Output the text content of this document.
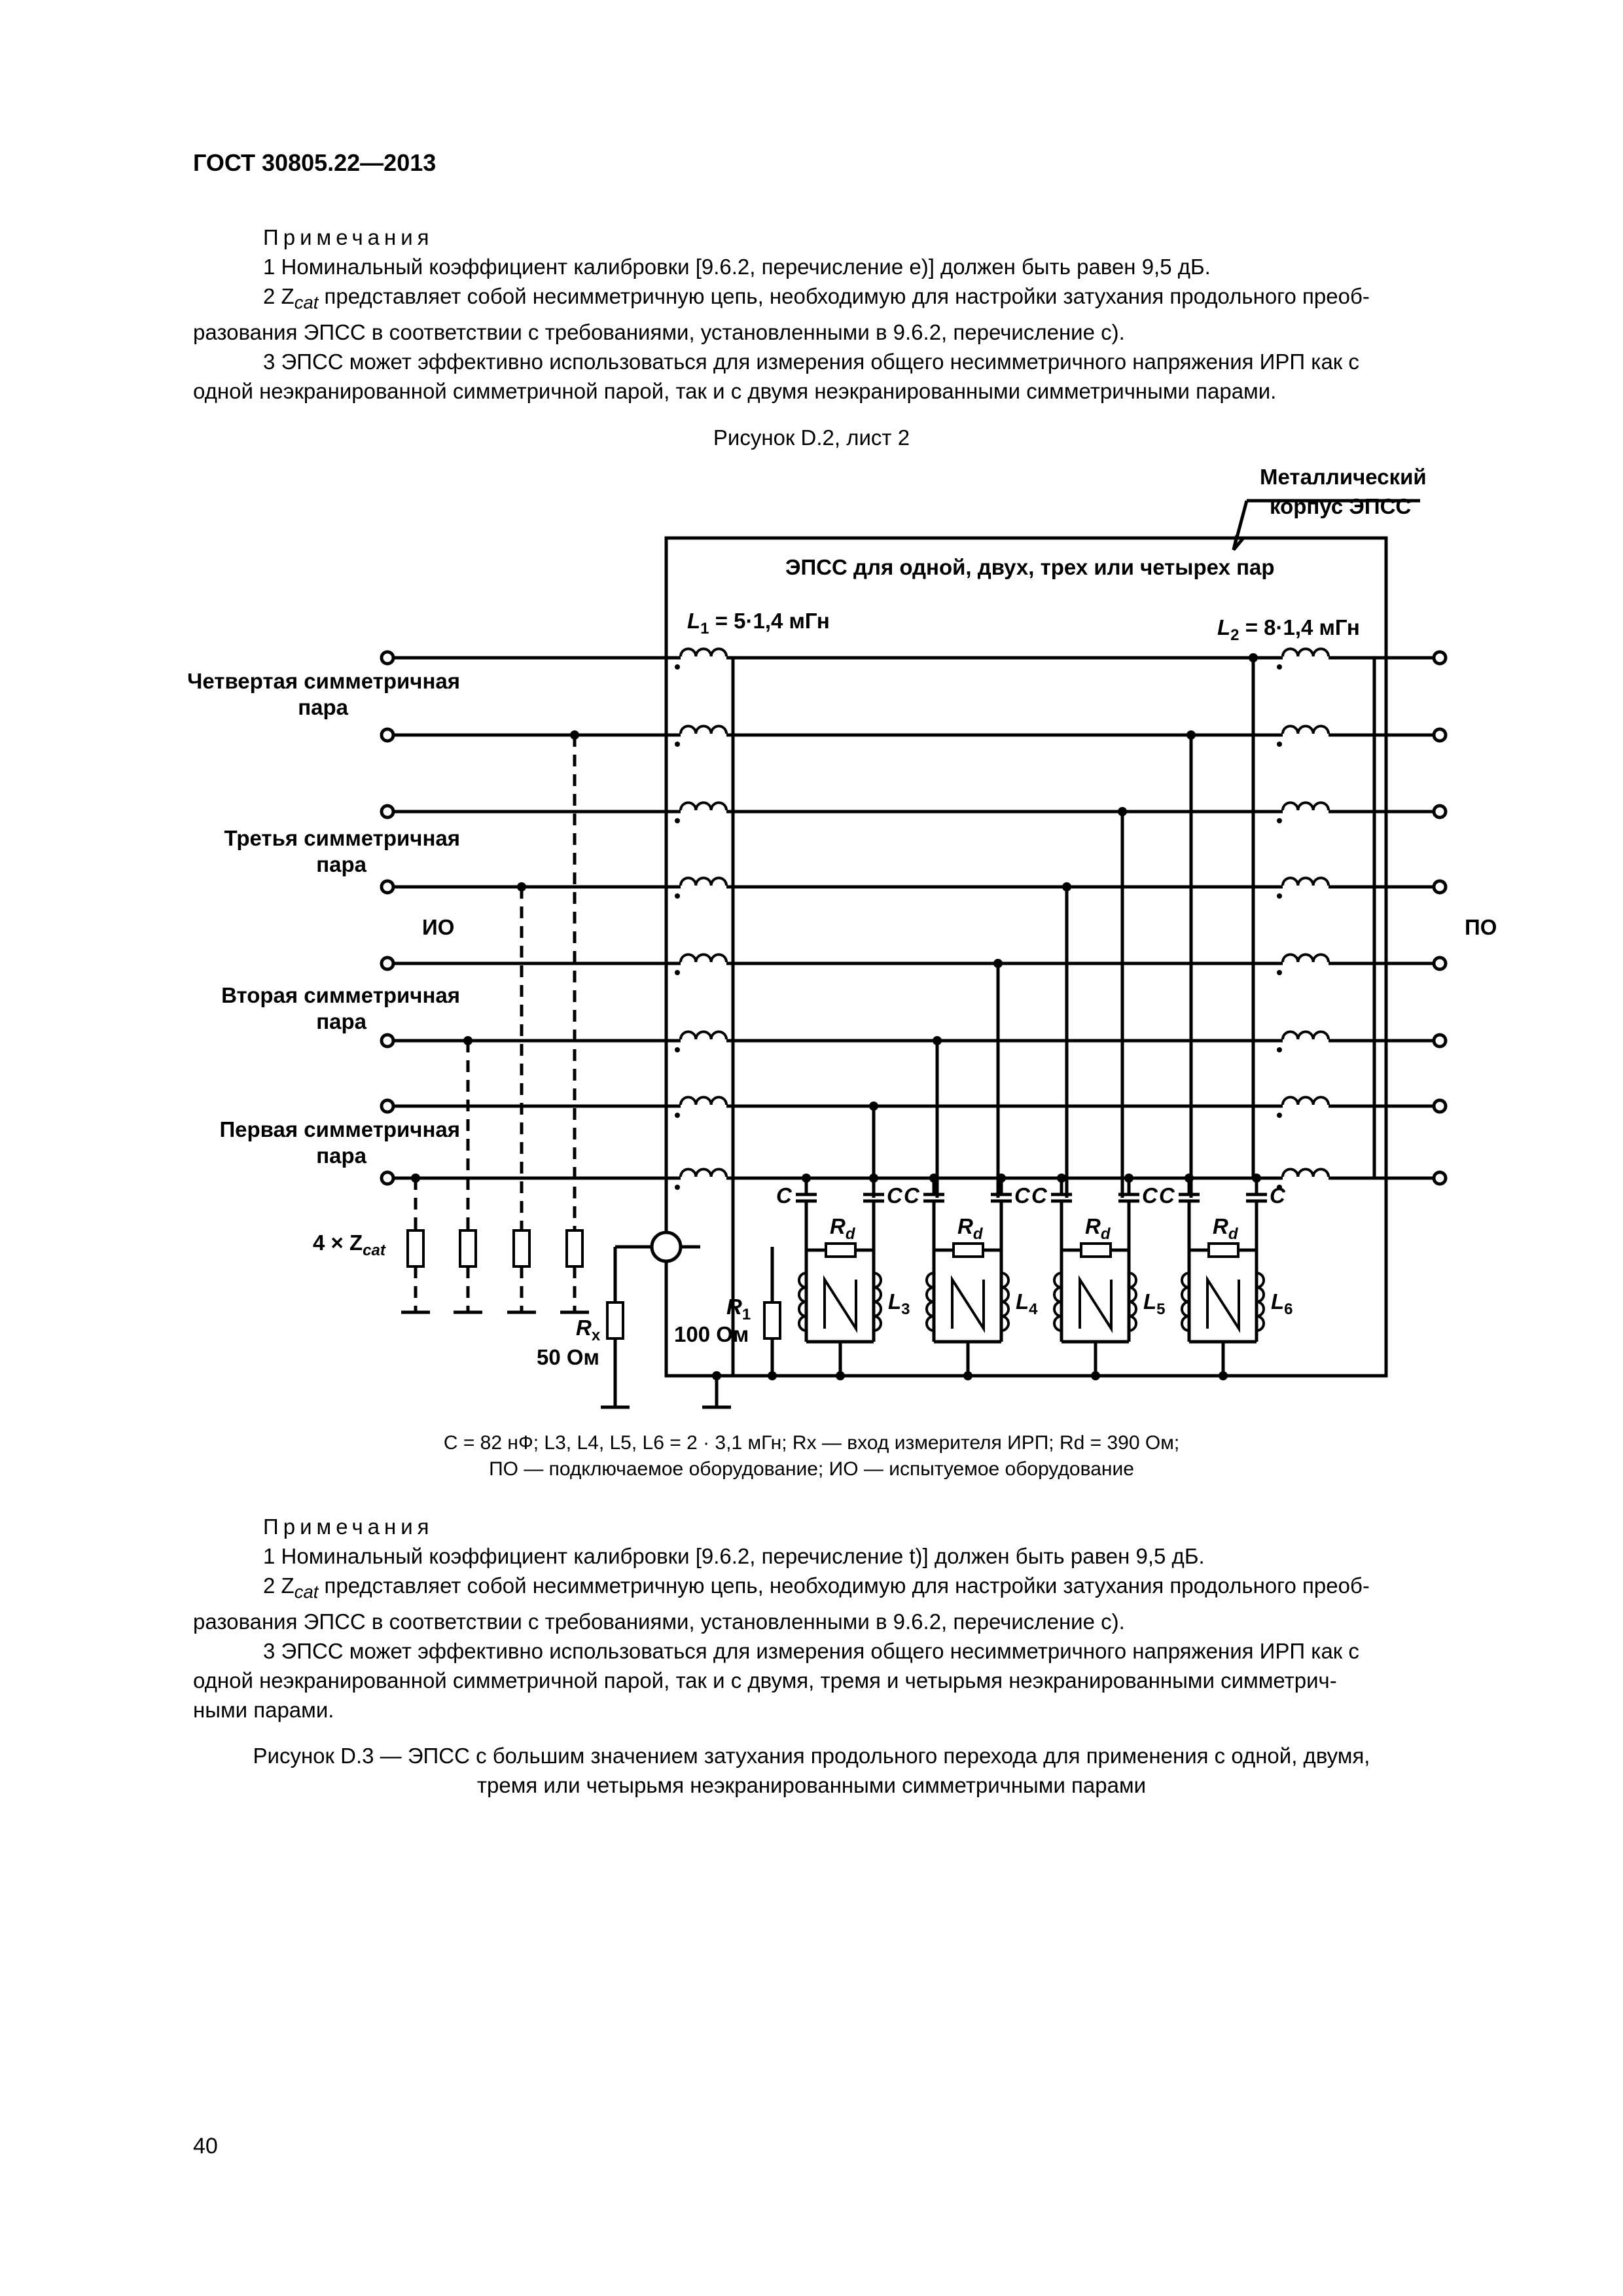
ГОСТ 30805.22—2013
Примечания
1 Номинальный коэффициент калибровки [9.6.2, перечисление e)] должен быть равен 9,5 дБ.
2 $Z_{cat}$ представляет собой несимметричную цепь, необходимую для настройки затухания продольного преоб-
разования ЭПСС в соответствии с требованиями, установленными в 9.6.2, перечисление с).
3 ЭПСС может эффективно использоваться для измерения общего несимметричного напряжения ИРП как с
одной неэкранированной симметричной парой, так и с двумя неэкранированными симметричными парами.
Рисунок D.2, лист 2
Металлический
корпус ЭПСС
ЭПСС для одной, двух, трех или четырех пар
$L_1 = 5\cdot 1,4$ мГн	$L_2 = 8\cdot 1,4$ мГн
Четвертая симметричная
пара
Третья симметричная
пара
Вторая симметричная
пара
Первая симметричная
пара
ИО	ПО
$4 \times Z_{cat}$
$R_x$
50 Ом
$R_1$
100 Ом
C	C
$R_d$
$L_3$
C	C
$R_d$
$L_4$
C	C
$R_d$
$L_5$
C	C
$R_d$
$L_6$
C = 82 нФ; L3, L4, L5, L6 = 2 · 3,1 мГн; Rx — вход измерителя ИРП; Rd = 390 Ом;
ПО — подключаемое оборудование; ИО — испытуемое оборудование
Примечания
1 Номинальный коэффициент калибровки [9.6.2, перечисление t)] должен быть равен 9,5 дБ.
2 $Z_{cat}$ представляет собой несимметричную цепь, необходимую для настройки затухания продольного преоб-
разования ЭПСС в соответствии с требованиями, установленными в 9.6.2, перечисление с).
3 ЭПСС может эффективно использоваться для измерения общего несимметричного напряжения ИРП как с
одной неэкранированной симметричной парой, так и с двумя, тремя и четырьмя неэкранированными симметрич-
ными парами.
Рисунок D.3 — ЭПСС с большим значением затухания продольного перехода для применения с одной, двумя,
тремя или четырьмя неэкранированными симметричными парами
40
